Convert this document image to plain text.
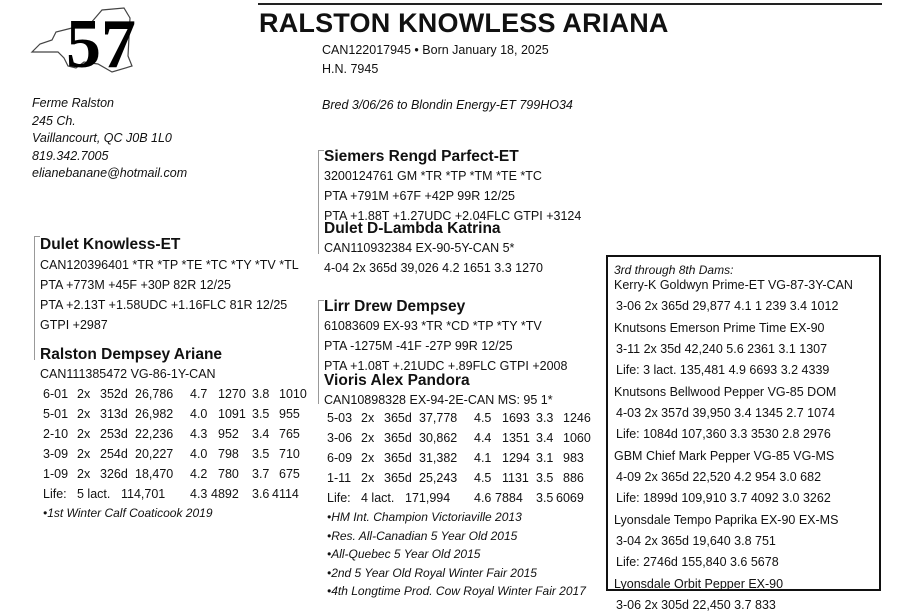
57	RALSTON KNOWLESS ARIANA
CAN122017945 • Born January 18, 2025
H.N. 7945
Bred 3/06/26 to Blondin Energy-ET 799HO34
Ferme Ralston
245 Ch.
Vaillancourt, QC J0B 1L0
819.342.7005
elianebanane@hotmail.com
Dulet Knowless-ET
CAN120396401 *TR *TP *TE *TC *TY *TV *TL
PTA +773M +45F +30P 82R 12/25
PTA +2.13T +1.58UDC +1.16FLC 81R 12/25
GTPI +2987
Siemers Rengd Parfect-ET
3200124761 GM *TR *TP *TM *TE *TC
PTA +791M +67F +42P 99R 12/25
PTA +1.88T +1.27UDC +2.04FLC GTPI +3124
Dulet D-Lambda Katrina
CAN110932384 EX-90-5Y-CAN 5*
4-04 2x 365d 39,026 4.2 1651 3.3 1270
Lirr Drew Dempsey
61083609 EX-93 *TR *CD *TP *TY *TV
PTA -1275M -41F -27P 99R 12/25
PTA +1.08T +.21UDC +.89FLC GTPI +2008
Ralston Dempsey Ariane
CAN111385472 VG-86-1Y-CAN
6-01 2x 352d 26,786 4.7 1270 3.8 1010
5-01 2x 313d 26,982 4.0 1091 3.5 955
2-10 2x 253d 22,236 4.3 952 3.4 765
3-09 2x 254d 20,227 4.0 798 3.5 710
1-09 2x 326d 18,470 4.2 780 3.7 675
Life: 5 lact. 114,701 4.3 4892 3.6 4114
•1st Winter Calf Coaticook 2019
Vioris Alex Pandora
CAN10898328 EX-94-2E-CAN MS: 95 1*
5-03 2x 365d 37,778 4.5 1693 3.3 1246
3-06 2x 365d 30,862 4.4 1351 3.4 1060
6-09 2x 365d 31,382 4.1 1294 3.1 983
1-11 2x 365d 25,243 4.5 1131 3.5 886
Life: 4 lact. 171,994 4.6 7884 3.5 6069
•HM Int. Champion Victoriaville 2013
•Res. All-Canadian 5 Year Old 2015
•All-Quebec 5 Year Old 2015
•2nd 5 Year Old Royal Winter Fair 2015
•4th Longtime Prod. Cow Royal Winter Fair 2017
3rd through 8th Dams:
Kerry-K Goldwyn Prime-ET VG-87-3Y-CAN
3-06 2x 365d 29,877 4.1 1 239 3.4 1012
Knutsons Emerson Prime Time EX-90
3-11 2x 35d 42,240 5.6 2361 3.1 1307
Life: 3 lact. 135,481 4.9 6693 3.2 4339
Knutsons Bellwood Pepper VG-85 DOM
4-03 2x 357d 39,950 3.4 1345 2.7 1074
Life: 1084d 107,360 3.3 3530 2.8 2976
GBM Chief Mark Pepper VG-85 VG-MS
4-09 2x 365d 22,520 4.2 954 3.0 682
Life: 1899d 109,910 3.7 4092 3.0 3262
Lyonsdale Tempo Paprika EX-90 EX-MS
3-04 2x 365d 19,640 3.8 751
Life: 2746d 155,840 3.6 5678
Lyonsdale Orbit Pepper EX-90
3-06 2x 305d 22,450 3.7 833
